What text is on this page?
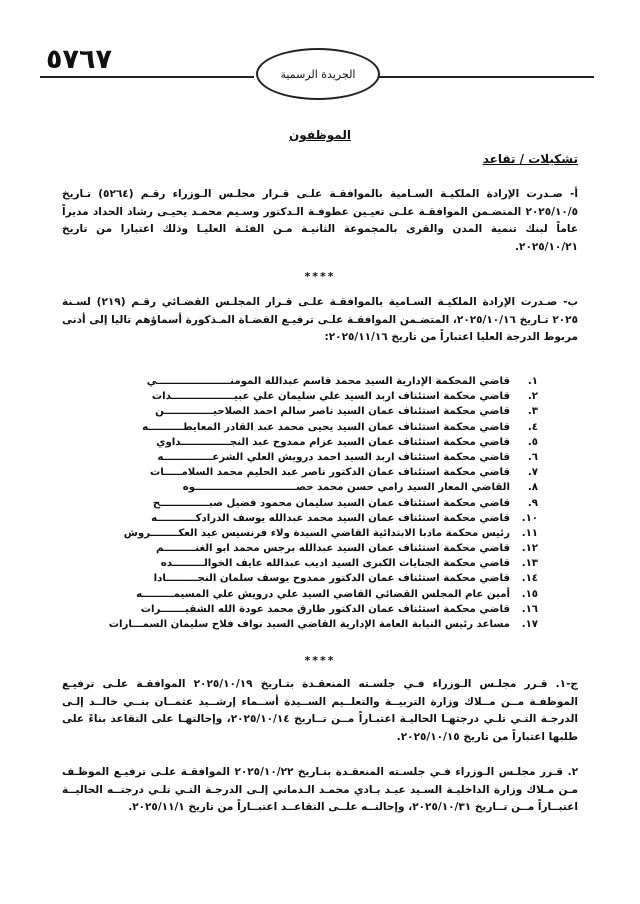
٥٧٦٧	الجريدة الرسمية
الموظفون
تشكيلات / تقاعد
أ- صـدرت الإرادة الملكيـة السـامية بالموافقـة علـى قـرار مجلـس الـوزراء رقـم (٥٢٦٤) تـاريخ ٢٠٢٥/١٠/٥ المتضـمن الموافقـة علـى تعيـين عطوفـة الـدكتور وسـيم محمـد يحيـى رشاد الحداد مديراً عاماً لبنك تنمية المدن والقرى بالمجموعة الثانيـة مـن الفئـة العليـا وذلك اعتبارا من تاريخ ٢٠٢٥/١٠/٢١.
****
ب- صـدرت الإرادة الملكيـة السـامية بالموافقـة علـى قـرار المجلـس القضـائي رقـم (٢١٩) لسـنة ٢٠٢٥ تـاريخ ٢٠٢٥/١٠/١٦، المتضـمن الموافقـة علـى ترفيـع القضـاة المـذكورة أسماؤهم تاليا إلى أدنى مربوط الدرجة العليا اعتباراً من تاريخ ٢٠٢٥/١١/١٦:
١.
قاضي المحكمة الإدارية السيد محمد قاسم عبدالله المومنـــــــــــــــــــــي
٢.
قاضي محكمة استئناف اربد السيد علي سليمان علي عبيــــــــــــــــــدات
٣.
قاضي محكمة استئناف عمان السيد ناصر سالم احمد الصلاحيــــــــــــــن
٤.
قاضي محكمة استئناف عمان السيد يحيى محمد عبد القادر المعايطــــــــــه
٥.
قاضي محكمة استئناف عمان السيد عزام ممدوح عبد النجــــــــــــــداوي
٦.
قاضي محكمة استئناف اربد السيد احمد درويش العلي الشرعــــــــــــــه
٧.
قاضي محكمة استئناف عمان الدكتور ناصر عبد الحليم محمد السلامـــــات
٨.
القاضي المعار السيد رامي حسن محمد حصـــــــــــــــــــــــــــــوه
٩.
قاضي محكمة استئناف عمان السيد سليمان محمود فضيل صبــــــــــــــح
١٠.
قاضي محكمة استئناف عمان السيد محمد عبدالله يوسف الدرادكـــــــــــه
١١.
رئيس محكمة مادبا الابتدائية القاضي السيدة ولاء فرنسيس عيد العكــــــــروش
١٢.
قاضي محكمة استئناف عمان السيد عبدالله برجس محمد ابو الغنـــــــــم
١٣.
قاضي محكمة الجنايات الكبرى السيد اديب عبدالله عايف الخوالـــــــــده
١٤.
قاضي محكمة استئناف عمان الدكتور ممدوح يوسف سلمان النجـــــــــادا
١٥.
أمين عام المجلس القضائي القاضي السيد علي درويش علي المسيمـــــــــه
١٦.
قاضي محكمة استئناف عمان الدكتور طارق محمد عودة الله الشقيـــــــرات
١٧.
مساعد رئيس النيابة العامة الإدارية القاضي السيد نواف فلاح سليمان السمـــارات
****
ج-١. قـرر مجلـس الـوزراء فـي جلسـته المنعقـدة بتـاريخ ٢٠٢٥/١٠/١٩ الموافقـة علـى ترفيـع الموظفـة مــن مــلاك وزارة التربيــة والتعلــيم الســيدة أســماء إرشــيد عثمــان بنــي خالــد إلـى الدرجـة التـي تلـي درجتهـا الحاليـة اعتبـاراً مــن تــاريخ ٢٠٢٥/١٠/١٤، وإحالتهـا على التقاعد بناءً على طلبها اعتباراً من تاريخ ٢٠٢٥/١٠/١٥.
٢. قـرر مجلـس الـوزراء فـي جلسـته المنعقـدة بتـاريخ ٢٠٢٥/١٠/٢٢ الموافقـة علـى ترفيـع الموظـف مـن مـلاك وزارة الداخليـة السـيد عيـد بـادي محمـد الـدماني إلـى الدرجـة التـي تلـي درجتــه الحاليــة اعتبــاراً مــن تــاريخ ٢٠٢٥/١٠/٣١، وإحالتــه علــى التقاعــد اعتبــاراً من تاريخ ٢٠٢٥/١١/١.
